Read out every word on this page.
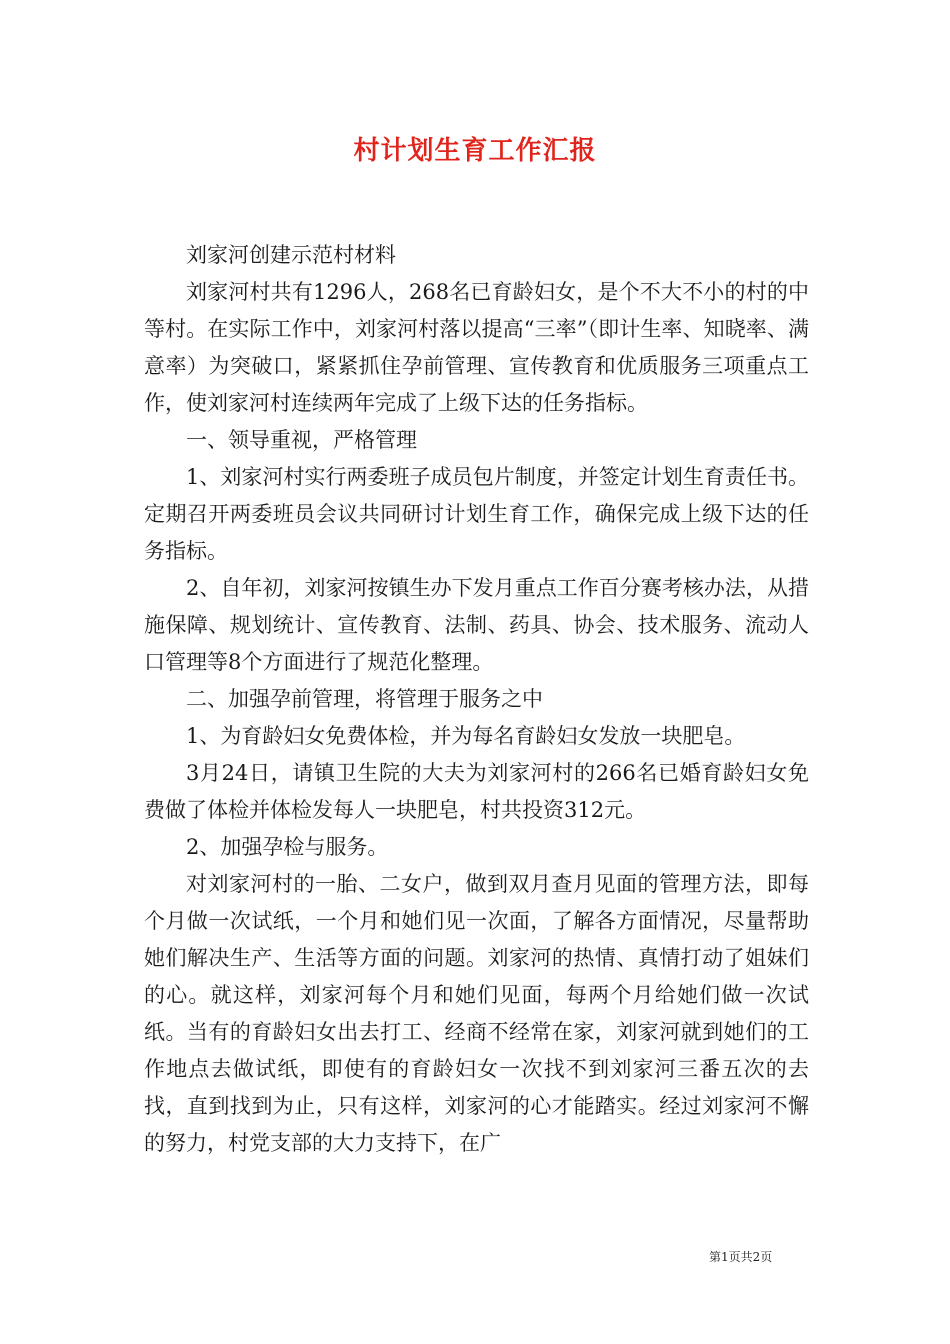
村计划生育工作汇报

刘家河创建示范村材料

刘家河村共有1296人，268名已育龄妇女，是个不大不小的村的中等村。在实际工作中，刘家河村落以提高“三率”（即计生率、知晓率、满意率）为突破口，紧紧抓住孕前管理、宣传教育和优质服务三项重点工作，使刘家河村连续两年完成了上级下达的任务指标。

一、领导重视，严格管理

1、刘家河村实行两委班子成员包片制度，并签定计划生育责任书。定期召开两委班员会议共同研讨计划生育工作，确保完成上级下达的任务指标。

2、自年初，刘家河按镇生办下发月重点工作百分赛考核办法，从措施保障、规划统计、宣传教育、法制、药具、协会、技术服务、流动人口管理等8个方面进行了规范化整理。

二、加强孕前管理，将管理于服务之中

1、为育龄妇女免费体检，并为每名育龄妇女发放一块肥皂。

3月24日，请镇卫生院的大夫为刘家河村的266名已婚育龄妇女免费做了体检并体检发每人一块肥皂，村共投资312元。

2、加强孕检与服务。

对刘家河村的一胎、二女户，做到双月查月见面的管理方法，即每个月做一次试纸，一个月和她们见一次面，了解各方面情况，尽量帮助她们解决生产、生活等方面的问题。刘家河的热情、真情打动了姐妹们的心。就这样，刘家河每个月和她们见面，每两个月给她们做一次试纸。当有的育龄妇女出去打工、经商不经常在家，刘家河就到她们的工作地点去做试纸，即使有的育龄妇女一次找不到刘家河三番五次的去找，直到找到为止，只有这样，刘家河的心才能踏实。经过刘家河不懈的努力，村党支部的大力支持下，在广

第1页共2页
